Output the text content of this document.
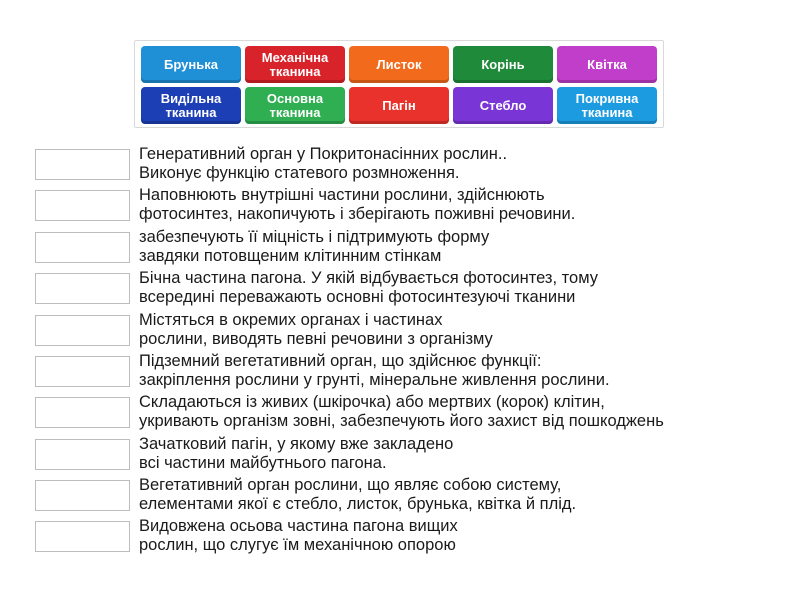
Брунька	Механічна тканина	Листок	Корінь	Квітка
Видільна тканина
Основна тканина	Пагін	Стебло	Покривна тканина
Генеративний орган у Покритонасінних рослин..
Виконує функцію статевого розмноження.
Наповнюють внутрішні частини рослини, здійснюють
фотосинтез, накопичують і зберігають поживні речовини.
забезпечують її міцність і підтримують форму
завдяки потовщеним клітинним стінкам
Бічна частина пагона. У якій відбувається фотосинтез, тому
всередині переважають основні фотосинтезуючі тканини
Містяться в окремих органах і частинах
рослини, виводять певні речовини з організму
Підземний вегетативний орган, що здійснює функції:
закріплення рослини у грунті, мінеральне живлення рослини.
Складаються із живих (шкірочка) або мертвих (корок) клітин,
укривають організм зовні, забезпечують його захист від пошкоджень
Зачатковий пагін, у якому вже закладено
всі частини майбутнього пагона.
Вегетативний орган рослини, що являє собою систему,
елементами якої є стебло, листок, брунька, квітка й плід.
Видовжена осьова частина пагона вищих
рослин, що слугує їм механічною опорою
